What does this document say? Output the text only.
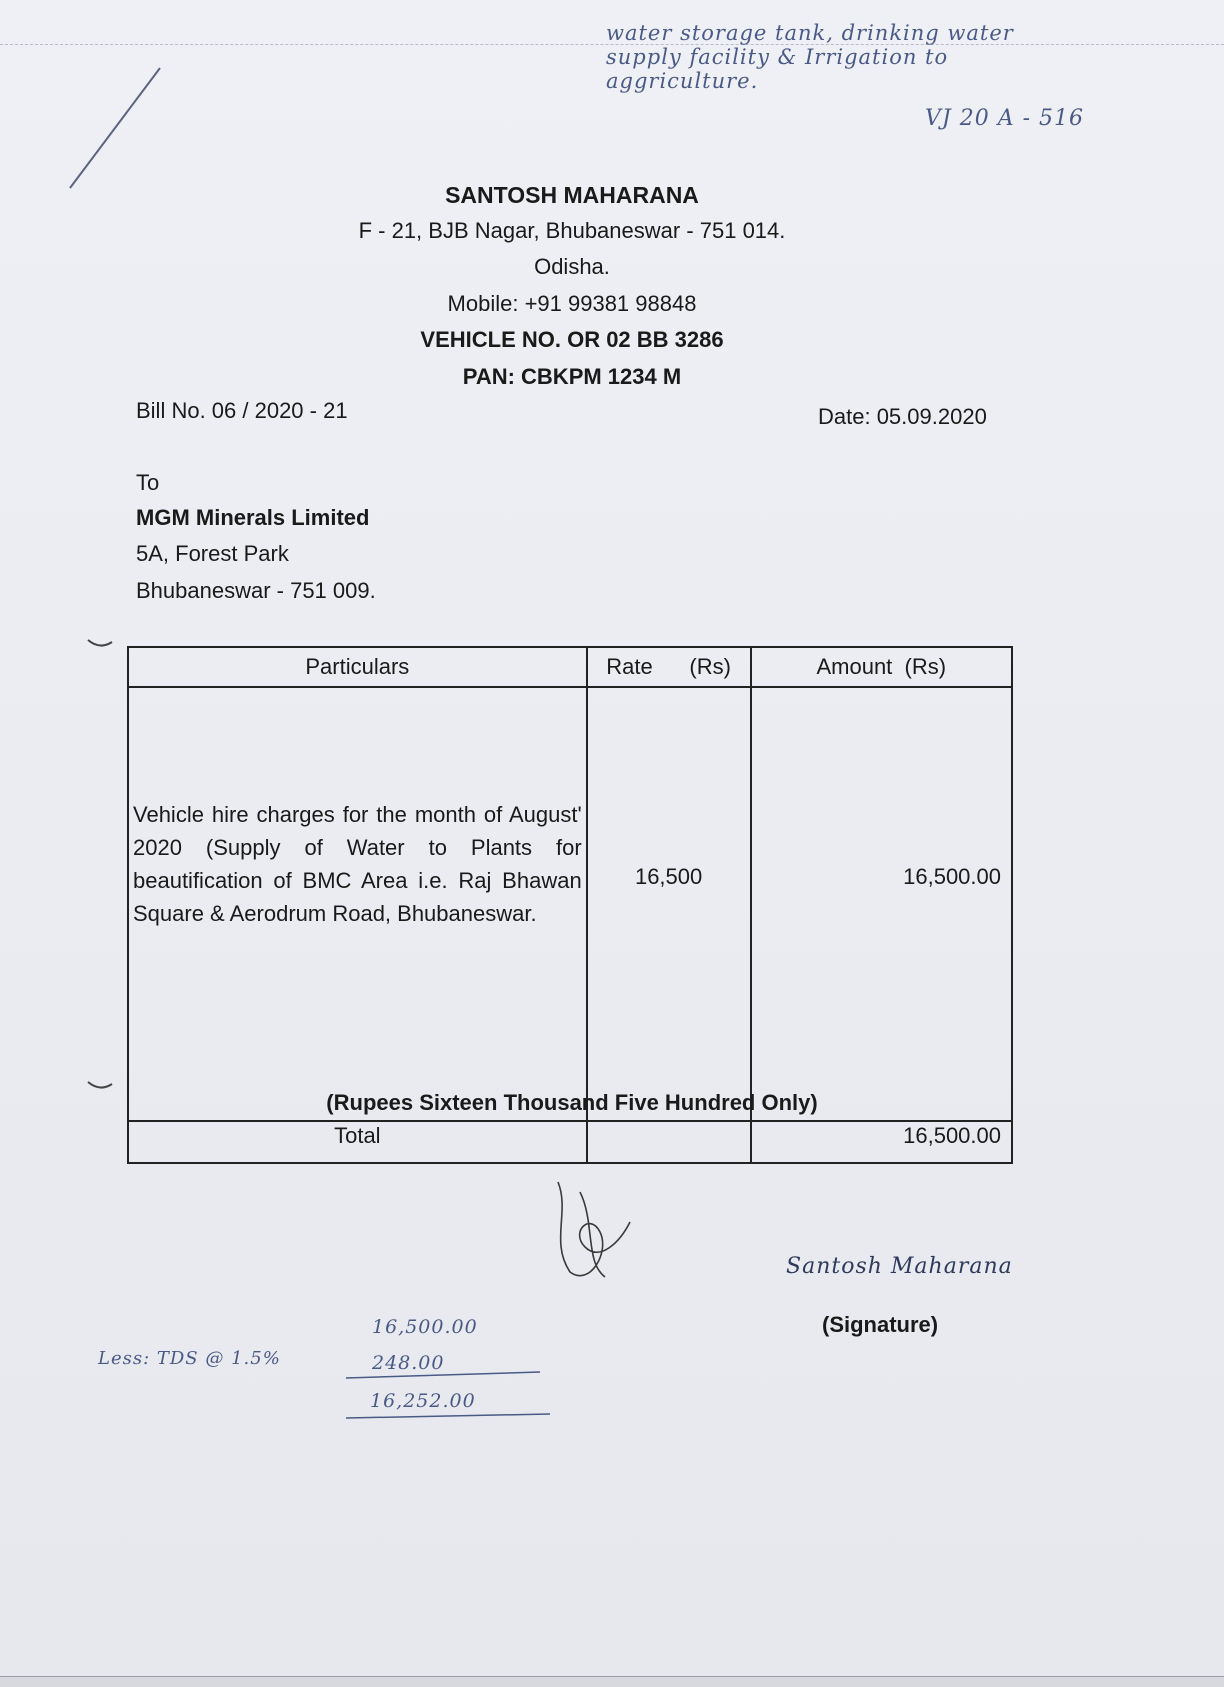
water storage tank, drinking water
supply facility & Irrigation to
aggriculture.
VJ 20 A - 516
SANTOSH MAHARANA
F - 21, BJB Nagar, Bhubaneswar - 751 014.
Odisha.
Mobile: +91 99381 98848
VEHICLE NO. OR 02 BB 3286
PAN: CBKPM 1234 M
Bill No. 06 / 2020 - 21	Date: 05.09.2020
To
MGM Minerals Limited
5A, Forest Park
Bhubaneswar - 751 009.
Particulars	Rate      (Rs)	Amount  (Rs)
Vehicle hire charges for the month of August' 2020 (Supply of Water to Plants for beautification of BMC Area i.e. Raj Bhawan Square & Aerodrum Road, Bhubaneswar.	16,500	16,500.00
Total		16,500.00
(Rupees Sixteen Thousand Five Hundred Only)
Santosh Maharana
(Signature)
Less: TDS @ 1.5%
16,500.00
248.00
16,252.00
